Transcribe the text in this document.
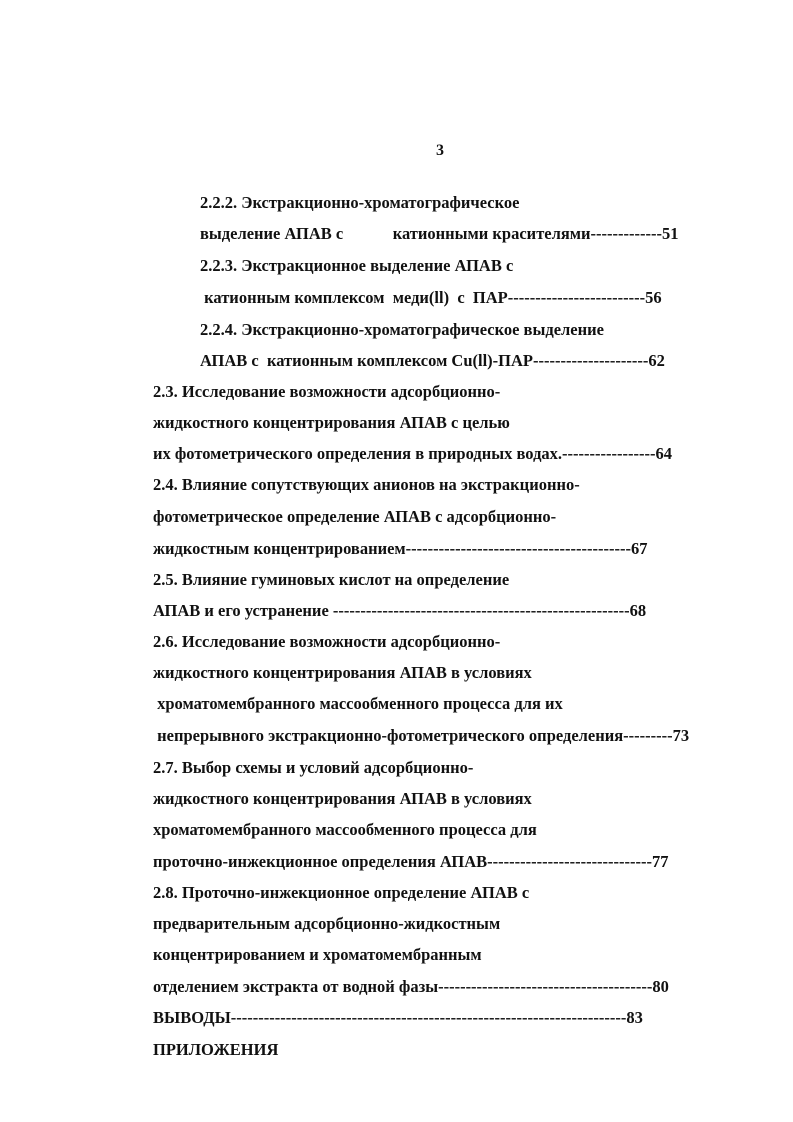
3
2.2.2. Экстракционно-хроматографическое
выделение АПАВ с            катионными красителями-------------51
2.2.3. Экстракционное выделение АПАВ с
катионным комплексом  меди(ll)  с  ПАР-------------------------56
2.2.4. Экстракционно-хроматографическое выделение
АПАВ с  катионным комплексом Cu(ll)-ПАР---------------------62
2.3. Исследование возможности адсорбционно-
жидкостного концентрирования АПАВ с целью
их фотометрического определения в природных водах.-----------------64
2.4. Влияние сопутствующих анионов на экстракционно-
фотометрическое определение АПАВ с адсорбционно-
жидкостным концентрированием-----------------------------------------67
2.5. Влияние гуминовых кислот на определение
АПАВ и его устранение ------------------------------------------------------68
2.6. Исследование возможности адсорбционно-
жидкостного концентрирования АПАВ в условиях
хроматомембранного массообменного процесса для их
непрерывного экстракционно-фотометрического определения---------73
2.7. Выбор схемы и условий адсорбционно-
жидкостного концентрирования АПАВ в условиях
хроматомембранного массообменного процесса для
проточно-инжекционное определения АПАВ------------------------------77
2.8. Проточно-инжекционное определение АПАВ с
предварительным адсорбционно-жидкостным
концентрированием и хроматомембранным
отделением экстракта от водной фазы---------------------------------------80
ВЫВОДЫ------------------------------------------------------------------------83
ПРИЛОЖЕНИЯ
